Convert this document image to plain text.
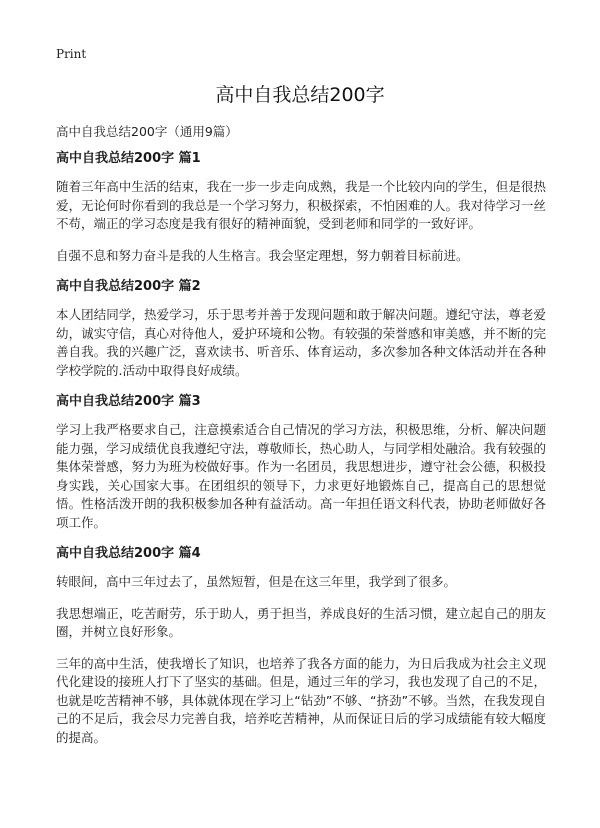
Print
高中自我总结200字
高中自我总结200字（通用9篇）
高中自我总结200字 篇1

随着三年高中生活的结束，我在一步一步走向成熟，我是一个比较内向的学生，但是很热爱，无论何时你看到的我总是一个学习努力，积极探索，不怕困难的人。我对待学习一丝不苟，端正的学习态度是我有很好的精神面貌，受到老师和同学的一致好评。

自强不息和努力奋斗是我的人生格言。我会坚定理想，努力朝着目标前进。

高中自我总结200字 篇2

本人团结同学，热爱学习，乐于思考并善于发现问题和敢于解决问题。遵纪守法，尊老爱幼，诚实守信，真心对待他人，爱护环境和公物。有较强的荣誉感和审美感，并不断的完善自我。我的兴趣广泛，喜欢读书、听音乐、体育运动，多次参加各种文体活动并在各种学校学院的.活动中取得良好成绩。

高中自我总结200字 篇3

学习上我严格要求自己，注意摸索适合自己情况的学习方法，积极思维，分析、解决问题能力强，学习成绩优良我遵纪守法，尊敬师长，热心助人，与同学相处融洽。我有较强的集体荣誉感，努力为班为校做好事。作为一名团员，我思想进步，遵守社会公德，积极投身实践，关心国家大事。在团组织的领导下，力求更好地锻炼自己，提高自己的思想觉悟。性格活泼开朗的我积极参加各种有益活动。高一年担任语文科代表，协助老师做好各项工作。

高中自我总结200字 篇4

转眼间，高中三年过去了，虽然短暂，但是在这三年里，我学到了很多。

我思想端正，吃苦耐劳，乐于助人，勇于担当，养成良好的生活习惯，建立起自己的朋友圈，并树立良好形象。

三年的高中生活，使我增长了知识，也培养了我各方面的能力，为日后我成为社会主义现代化建设的接班人打下了坚实的基础。但是，通过三年的学习，我也发现了自己的不足，也就是吃苦精神不够，具体就体现在学习上“钻劲”不够、“挤劲”不够。当然，在我发现自己的不足后，我会尽力完善自我，培养吃苦精神，从而保证日后的学习成绩能有较大幅度的提高。
